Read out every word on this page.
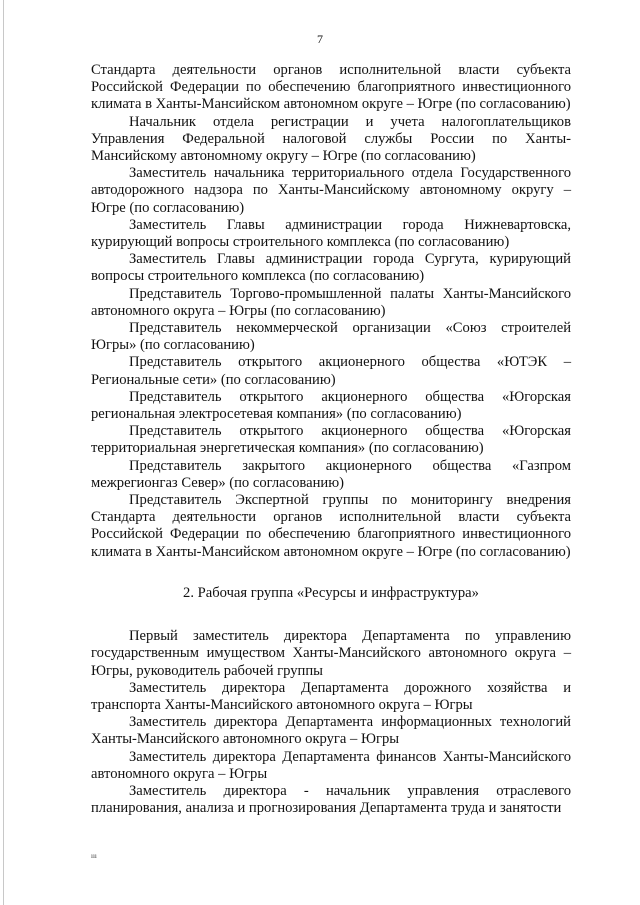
7

Стандарта деятельности органов исполнительной власти субъекта Российской Федерации по обеспечению благоприятного инвестиционного климата в Ханты-Мансийском автономном округе – Югре (по согласованию)

Начальник отдела регистрации и учета налогоплательщиков Управления Федеральной налоговой службы России по Ханты-Мансийскому автономному округу – Югре (по согласованию)

Заместитель начальника территориального отдела Государственного автодорожного надзора по Ханты-Мансийскому автономному округу – Югре (по согласованию)

Заместитель Главы администрации города Нижневартовска, курирующий вопросы строительного комплекса (по согласованию)

Заместитель Главы администрации города Сургута, курирующий вопросы строительного комплекса (по согласованию)

Представитель Торгово-промышленной палаты Ханты-Мансийского автономного округа – Югры (по согласованию)

Представитель некоммерческой организации «Союз строителей Югры» (по согласованию)

Представитель открытого акционерного общества «ЮТЭК – Региональные сети» (по согласованию)

Представитель открытого акционерного общества «Югорская региональная электросетевая компания» (по согласованию)

Представитель открытого акционерного общества «Югорская территориальная энергетическая компания» (по согласованию)

Представитель закрытого акционерного общества «Газпром межрегионгаз Север» (по согласованию)

Представитель Экспертной группы по мониторингу внедрения Стандарта деятельности органов исполнительной власти субъекта Российской Федерации по обеспечению благоприятного инвестиционного климата в Ханты-Мансийском автономном округе – Югре (по согласованию)

2. Рабочая группа «Ресурсы и инфраструктура»

Первый заместитель директора Департамента по управлению государственным имуществом Ханты-Мансийского автономного округа – Югры, руководитель рабочей группы

Заместитель директора Департамента дорожного хозяйства и транспорта Ханты-Мансийского автономного округа – Югры

Заместитель директора Департамента информационных технологий Ханты-Мансийского автономного округа – Югры

Заместитель директора Департамента финансов Ханты-Мансийского автономного округа – Югры

Заместитель директора - начальник управления отраслевого планирования, анализа и прогнозирования Департамента труда и занятости

ııı
